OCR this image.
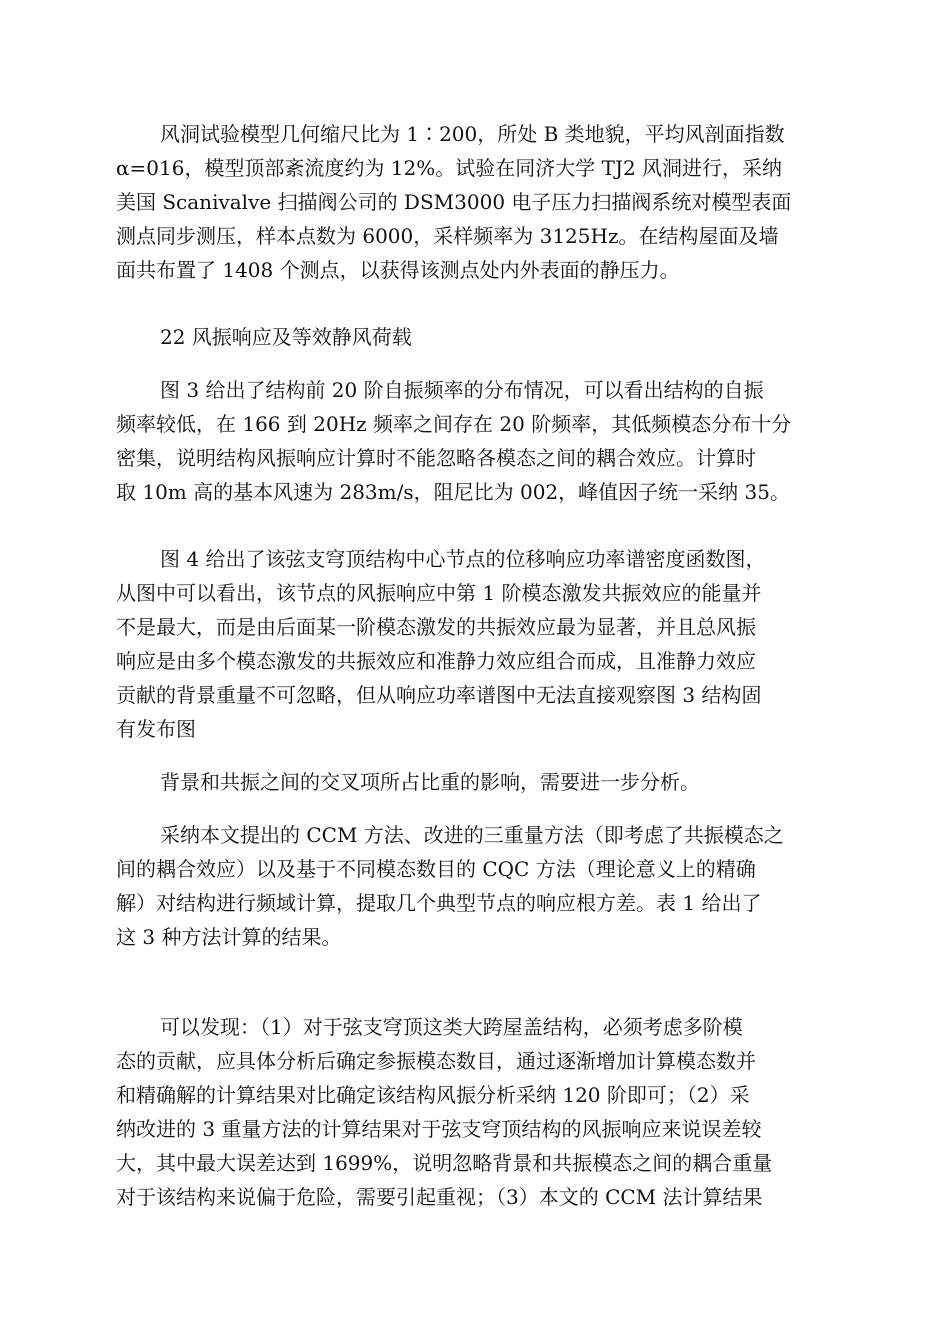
风洞试验模型几何缩尺比为 1∶200，所处 B 类地貌，平均风剖面指数
α=016，模型顶部紊流度约为 12%。试验在同济大学 TJ2 风洞进行，采纳
美国 Scanivalve 扫描阀公司的 DSM3000 电子压力扫描阀系统对模型表面
测点同步测压，样本点数为 6000，采样频率为 3125Hz。在结构屋面及墙
面共布置了 1408 个测点，以获得该测点处内外表面的静压力。
22 风振响应及等效静风荷载
图 3 给出了结构前 20 阶自振频率的分布情况，可以看出结构的自振
频率较低，在 166 到 20Hz 频率之间存在 20 阶频率，其低频模态分布十分
密集，说明结构风振响应计算时不能忽略各模态之间的耦合效应。计算时
取 10m 高的基本风速为 283m/s，阻尼比为 002，峰值因子统一采纳 35。
图 4 给出了该弦支穹顶结构中心节点的位移响应功率谱密度函数图，
从图中可以看出，该节点的风振响应中第 1 阶模态激发共振效应的能量并
不是最大，而是由后面某一阶模态激发的共振效应最为显著，并且总风振
响应是由多个模态激发的共振效应和准静力效应组合而成，且准静力效应
贡献的背景重量不可忽略，但从响应功率谱图中无法直接观察图 3 结构固
有发布图
背景和共振之间的交叉项所占比重的影响，需要进一步分析。
采纳本文提出的 CCM 方法、改进的三重量方法（即考虑了共振模态之
间的耦合效应）以及基于不同模态数目的 CQC 方法（理论意义上的精确
解）对结构进行频域计算，提取几个典型节点的响应根方差。表 1 给出了
这 3 种方法计算的结果。
可以发现：（1）对于弦支穹顶这类大跨屋盖结构，必须考虑多阶模
态的贡献，应具体分析后确定参振模态数目，通过逐渐增加计算模态数并
和精确解的计算结果对比确定该结构风振分析采纳 120 阶即可；（2）采
纳改进的 3 重量方法的计算结果对于弦支穹顶结构的风振响应来说误差较
大，其中最大误差达到 1699%，说明忽略背景和共振模态之间的耦合重量
对于该结构来说偏于危险，需要引起重视；（3）本文的 CCM 法计算结果
